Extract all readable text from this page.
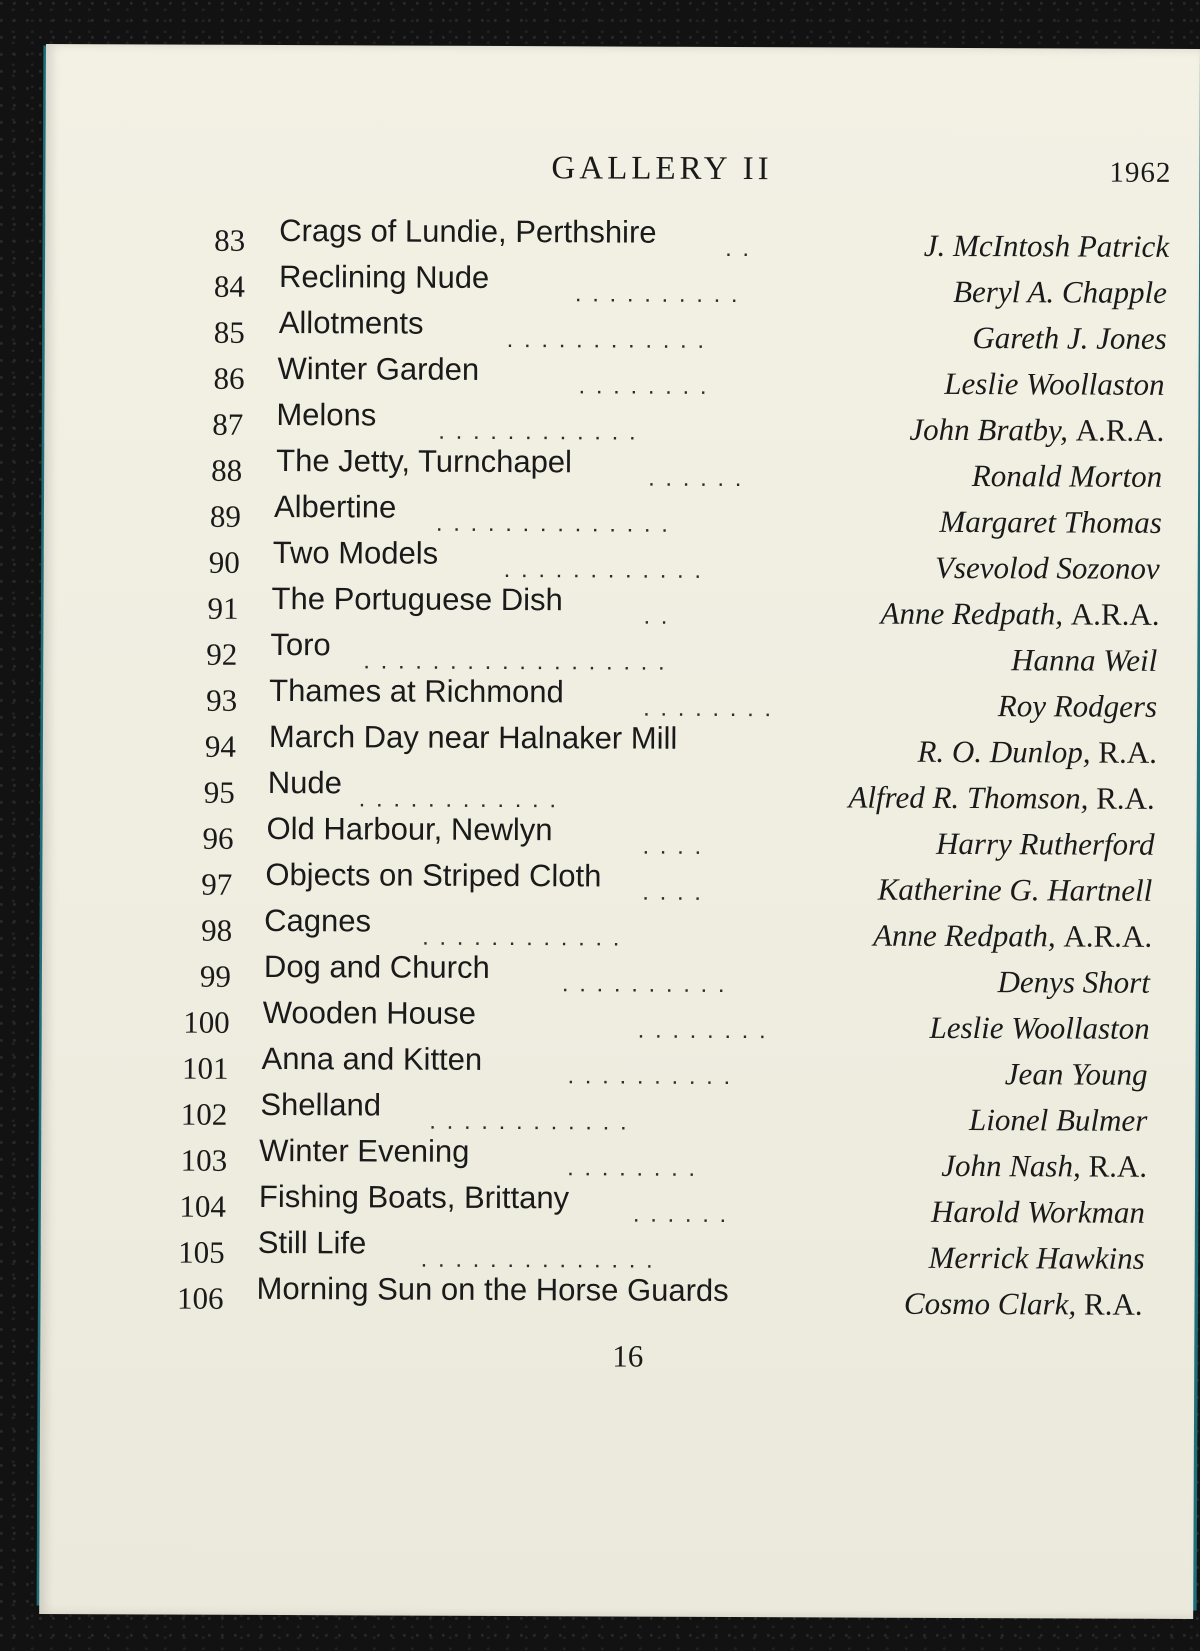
GALLERY II	1962
83 Crags of Lundie, Perthshire	. .	J. McIntosh Patrick
84 Reclining Nude	. . . . . . . . . .	Beryl A. Chapple
85 Allotments	. . . . . . . . . . . .	Gareth J. Jones
86 Winter Garden	. . . . . . . .	Leslie Woollaston
87 Melons	. . . . . . . . . . . .	John Bratby, A.R.A.
88 The Jetty, Turnchapel	. . . . . .	Ronald Morton
89 Albertine . . . . . . . . . . . . . .	Margaret Thomas
90 Two Models	. . . . . . . . . . . .	Vsevolod Sozonov
91 The Portuguese Dish	. .	Anne Redpath, A.R.A.
92 Toro . . . . . . . . . . . . . . . . . .	Hanna Weil
93 Thames at Richmond	. . . . . . . .	Roy Rodgers
94 March Day near Halnaker Mill	R. O. Dunlop, R.A.
95 Nude . . . . . . . . . . . .	Alfred R. Thomson, R.A.
96 Old Harbour, Newlyn	. . . .	Harry Rutherford
97 Objects on Striped Cloth . . . .	Katherine G. Hartnell
98 Cagnes . . . . . . . . . . . .	Anne Redpath, A.R.A.
99 Dog and Church	. . . . . . . . . .	Denys Short
100 Wooden House	. . . . . . . .	Leslie Woollaston
101 Anna and Kitten	. . . . . . . . . .	Jean Young
102 Shelland . . . . . . . . . . . .	Lionel Bulmer
103 Winter Evening	. . . . . . . .	John Nash, R.A.
104 Fishing Boats, Brittany	. . . . . .	Harold Workman
105 Still Life . . . . . . . . . . . . . .	Merrick Hawkins
106 Morning Sun on the Horse Guards	Cosmo Clark, R.A.
16
